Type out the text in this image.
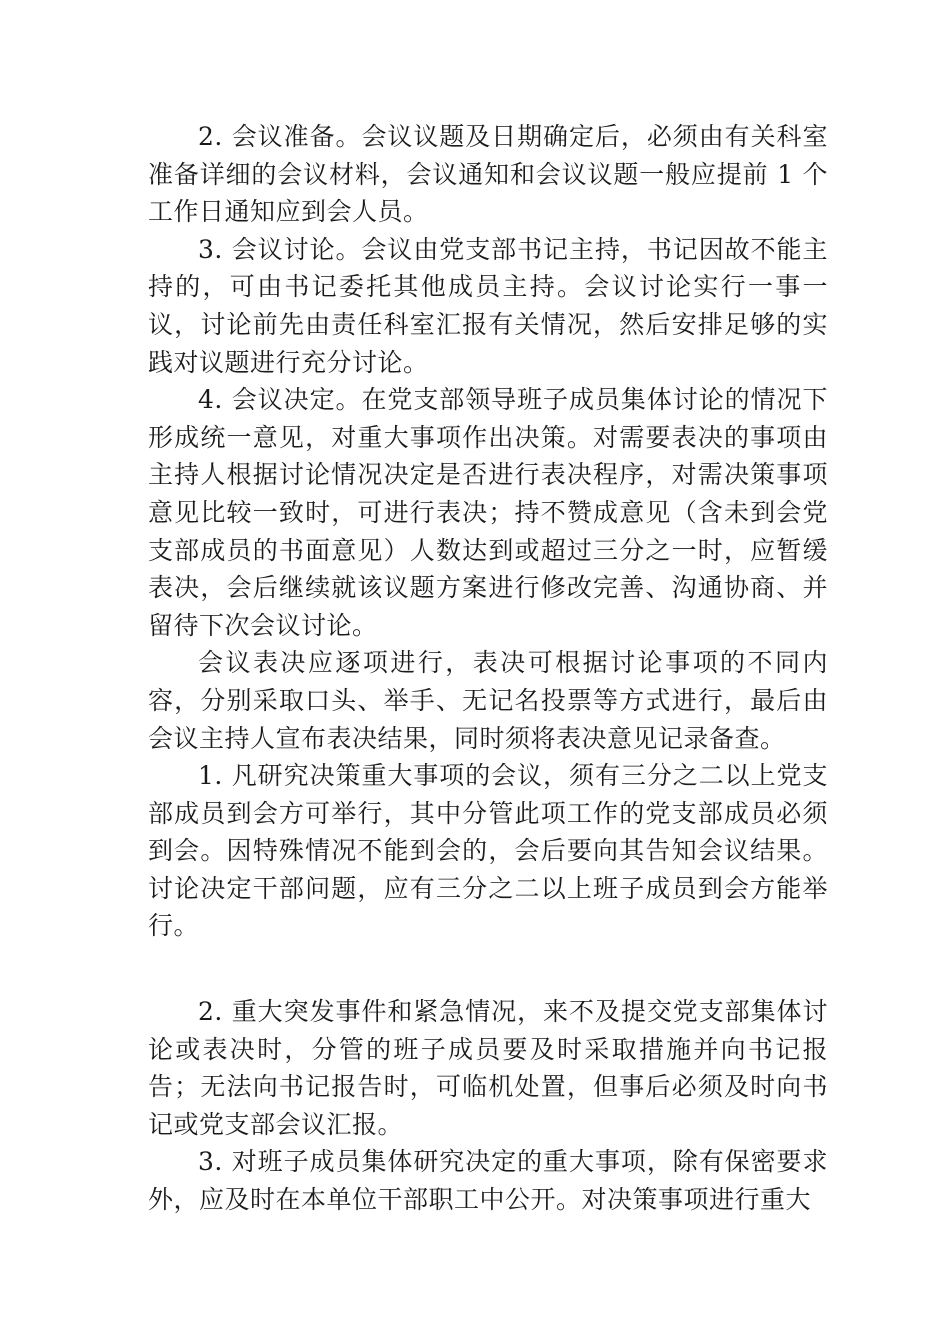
2. 会议准备。会议议题及日期确定后，必须由有关科室准备详细的会议材料，会议通知和会议议题一般应提前 1 个工作日通知应到会人员。

3. 会议讨论。会议由党支部书记主持，书记因故不能主持的，可由书记委托其他成员主持。会议讨论实行一事一议，讨论前先由责任科室汇报有关情况，然后安排足够的实践对议题进行充分讨论。

4. 会议决定。在党支部领导班子成员集体讨论的情况下形成统一意见，对重大事项作出决策。对需要表决的事项由主持人根据讨论情况决定是否进行表决程序，对需决策事项意见比较一致时，可进行表决；持不赞成意见（含未到会党支部成员的书面意见）人数达到或超过三分之一时，应暂缓表决，会后继续就该议题方案进行修改完善、沟通协商、并留待下次会议讨论。

会议表决应逐项进行，表决可根据讨论事项的不同内容，分别采取口头、举手、无记名投票等方式进行，最后由会议主持人宣布表决结果，同时须将表决意见记录备查。

1. 凡研究决策重大事项的会议，须有三分之二以上党支部成员到会方可举行，其中分管此项工作的党支部成员必须到会。因特殊情况不能到会的，会后要向其告知会议结果。讨论决定干部问题，应有三分之二以上班子成员到会方能举行。

2. 重大突发事件和紧急情况，来不及提交党支部集体讨论或表决时，分管的班子成员要及时采取措施并向书记报告；无法向书记报告时，可临机处置，但事后必须及时向书记或党支部会议汇报。

3. 对班子成员集体研究决定的重大事项，除有保密要求外，应及时在本单位干部职工中公开。对决策事项进行重大
